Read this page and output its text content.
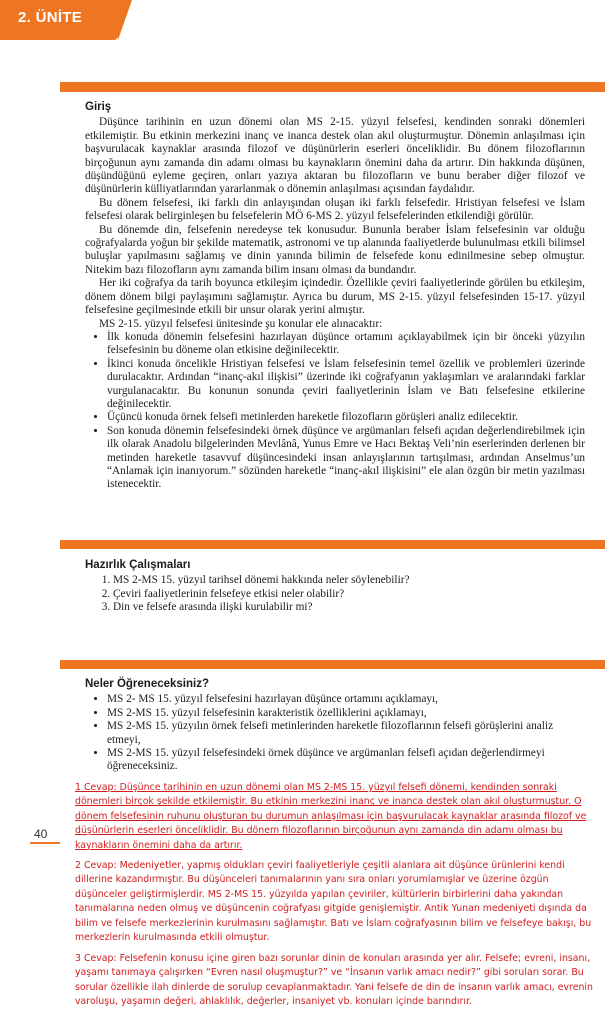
2. ÜNİTE
Giriş

Düşünce tarihinin en uzun dönemi olan MS 2-15. yüzyıl felsefesi, kendinden sonraki dönemleri etkilemiştir. Bu etkinin merkezini inanç ve inanca destek olan akıl oluşturmuştur. Dönemin anlaşılması için başvurulacak kaynaklar arasında filozof ve düşünürlerin eserleri önceliklidir. Bu dönem filozoflarının birçoğunun aynı zamanda din adamı olması bu kaynakların önemini daha da artırır. Din hakkında düşünen, düşündüğünü eyleme geçiren, onları yazıya aktaran bu filozofların ve bunu beraber diğer filozof ve düşünürlerin külliyatlarından yararlanmak o dönemin anlaşılması açısından faydalıdır.

Bu dönem felsefesi, iki farklı din anlayışından oluşan iki farklı felsefedir. Hristiyan felsefesi ve İslam felsefesi olarak belirginleşen bu felsefelerin MÖ 6-MS 2. yüzyıl felsefelerinden etkilendiği görülür.

Bu dönemde din, felsefenin neredeyse tek konusudur. Bununla beraber İslam felsefesinin var olduğu coğrafyalarda yoğun bir şekilde matematik, astronomi ve tıp alanında faaliyetlerde bulunulması etkili bilimsel buluşlar yapılmasını sağlamış ve dinin yanında bilimin de felsefede konu edinilmesine sebep olmuştur. Nitekim bazı filozofların aynı zamanda bilim insanı olması da bundandır.

Her iki coğrafya da tarih boyunca etkileşim içindedir. Özellikle çeviri faaliyetlerinde görülen bu etkileşim, dönem dönem bilgi paylaşımını sağlamıştır. Ayrıca bu durum, MS 2-15. yüzyıl felsefesinden 15-17. yüzyıl felsefesine geçilmesinde etkili bir unsur olarak yerini almıştır.

MS 2-15. yüzyıl felsefesi ünitesinde şu konular ele alınacaktır:

• İlk konuda dönemin felsefesini hazırlayan düşünce ortamını açıklayabilmek için bir önceki yüzyılın felsefesinin bu döneme olan etkisine değinilecektir.
• İkinci konuda öncelikle Hristiyan felsefesi ve İslam felsefesinin temel özellik ve problemleri üzerinde durulacaktır. Ardından “inanç-akıl ilişkisi” üzerinde iki coğrafyanın yaklaşımları ve aralarındaki farklar vurgulanacaktır. Bu konunun sonunda çeviri faaliyetlerinin İslam ve Batı felsefesine etkilerine değinilecektir.
• Üçüncü konuda örnek felsefi metinlerden hareketle filozofların görüşleri analiz edilecektir.
• Son konuda dönemin felsefesindeki örnek düşünce ve argümanları felsefi açıdan değerlendirebilmek için ilk olarak Anadolu bilgelerinden Mevlânâ, Yunus Emre ve Hacı Bektaş Veli’nin eserlerinden derlenen bir metinden hareketle tasavvuf düşüncesindeki insan anlayışlarının tartışılması, ardından Anselmus’un “Anlamak için inanıyorum.” sözünden hareketle “inanç-akıl ilişkisini” ele alan özgün bir metin yazılması istenecektir.
Hazırlık Çalışmaları
1. MS 2-MS 15. yüzyıl tarihsel dönemi hakkında neler söylenebilir?
2. Çeviri faaliyetlerinin felsefeye etkisi neler olabilir?
3. Din ve felsefe arasında ilişki kurulabilir mi?
Neler Öğreneceksiniz?
• MS 2- MS 15. yüzyıl felsefesini hazırlayan düşünce ortamını açıklamayı,
• MS 2-MS 15. yüzyıl felsefesinin karakteristik özelliklerini açıklamayı,
• MS 2-MS 15. yüzyılın örnek felsefi metinlerinden hareketle filozoflarının felsefi görüşlerini analiz etmeyi,
• MS 2-MS 15. yüzyıl felsefesindeki örnek düşünce ve argümanları felsefi açıdan değerlendirmeyi öğreneceksiniz.

1 Cevap: Düşünce tarihinin en uzun dönemi olan MS 2-MS 15. yüzyıl felsefi dönemi, kendinden sonraki dönemleri birçok şekilde etkilemiştir. Bu etkinin merkezini inanç ve inanca destek olan akıl oluşturmuştur. O dönem felsefesinin ruhunu oluşturan bu durumun anlaşılması için başvurulacak kaynaklar arasında filozof ve düşünürlerin eserleri önceliklidir. Bu dönem filozoflarının birçoğunun aynı zamanda din adamı olması bu kaynakların önemini daha da artırır.

40

2 Cevap: Medeniyetler, yapmış oldukları çeviri faaliyetleriyle çeşitli alanlara ait düşünce ürünlerini kendi dillerine kazandırmıştır. Bu düşünceleri tanımalarının yanı sıra onları yorumlamışlar ve üzerine özgün düşünceler geliştirmişlerdir. MS 2-MS 15. yüzyılda yapılan çeviriler, kültürlerin birbirlerini daha yakından tanımalarına neden olmuş ve düşüncenin coğrafyası gitgide genişlemiştir. Antik Yunan medeniyeti dışında da bilim ve felsefe merkezlerinin kurulmasını sağlamıştır. Batı ve İslam coğrafyasının bilim ve felsefeye bakışı, bu merkezlerin kurulmasında etkili olmuştur.

3 Cevap: Felsefenin konusu içine giren bazı sorunlar dinin de konuları arasında yer alır. Felsefe; evreni, insanı, yaşamı tanımaya çalışırken “Evren nasıl oluşmuştur?” ve “İnsanın varlık amacı nedir?” gibi soruları sorar. Bu sorular özellikle ilah dinlerde de sorulup cevaplanmaktadır. Yani felsefe de din de insanın varlık amacı, evrenin varoluşu, yaşamın değeri, ahlaklılık, değerler, insaniyet vb. konuları içinde barındırır.
